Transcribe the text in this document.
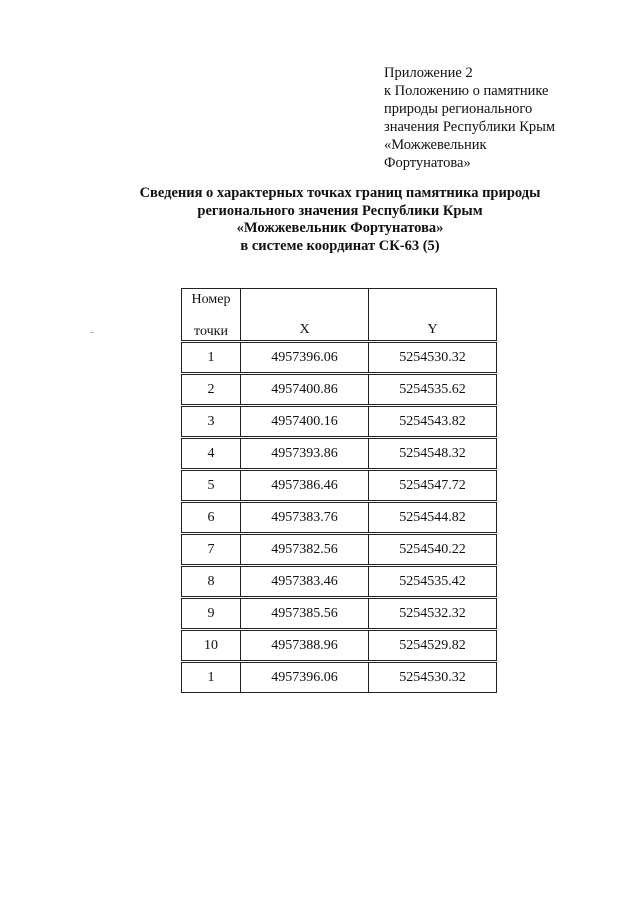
Приложение 2
к Положению о памятнике
природы регионального
значения Республики Крым
«Можжевельник
Фортунатова»
Сведения о характерных точках границ памятника природы
регионального значения Республики Крым
«Можжевельник Фортунатова»
в системе координат СК-63 (5)
Номер
точки	X	Y

1	4957396.06	5254530.32
2	4957400.86	5254535.62
3	4957400.16	5254543.82
4	4957393.86	5254548.32
5	4957386.46	5254547.72
6	4957383.76	5254544.82
7	4957382.56	5254540.22
8	4957383.46	5254535.42
9	4957385.56	5254532.32
10	4957388.96	5254529.82
1	4957396.06	5254530.32
